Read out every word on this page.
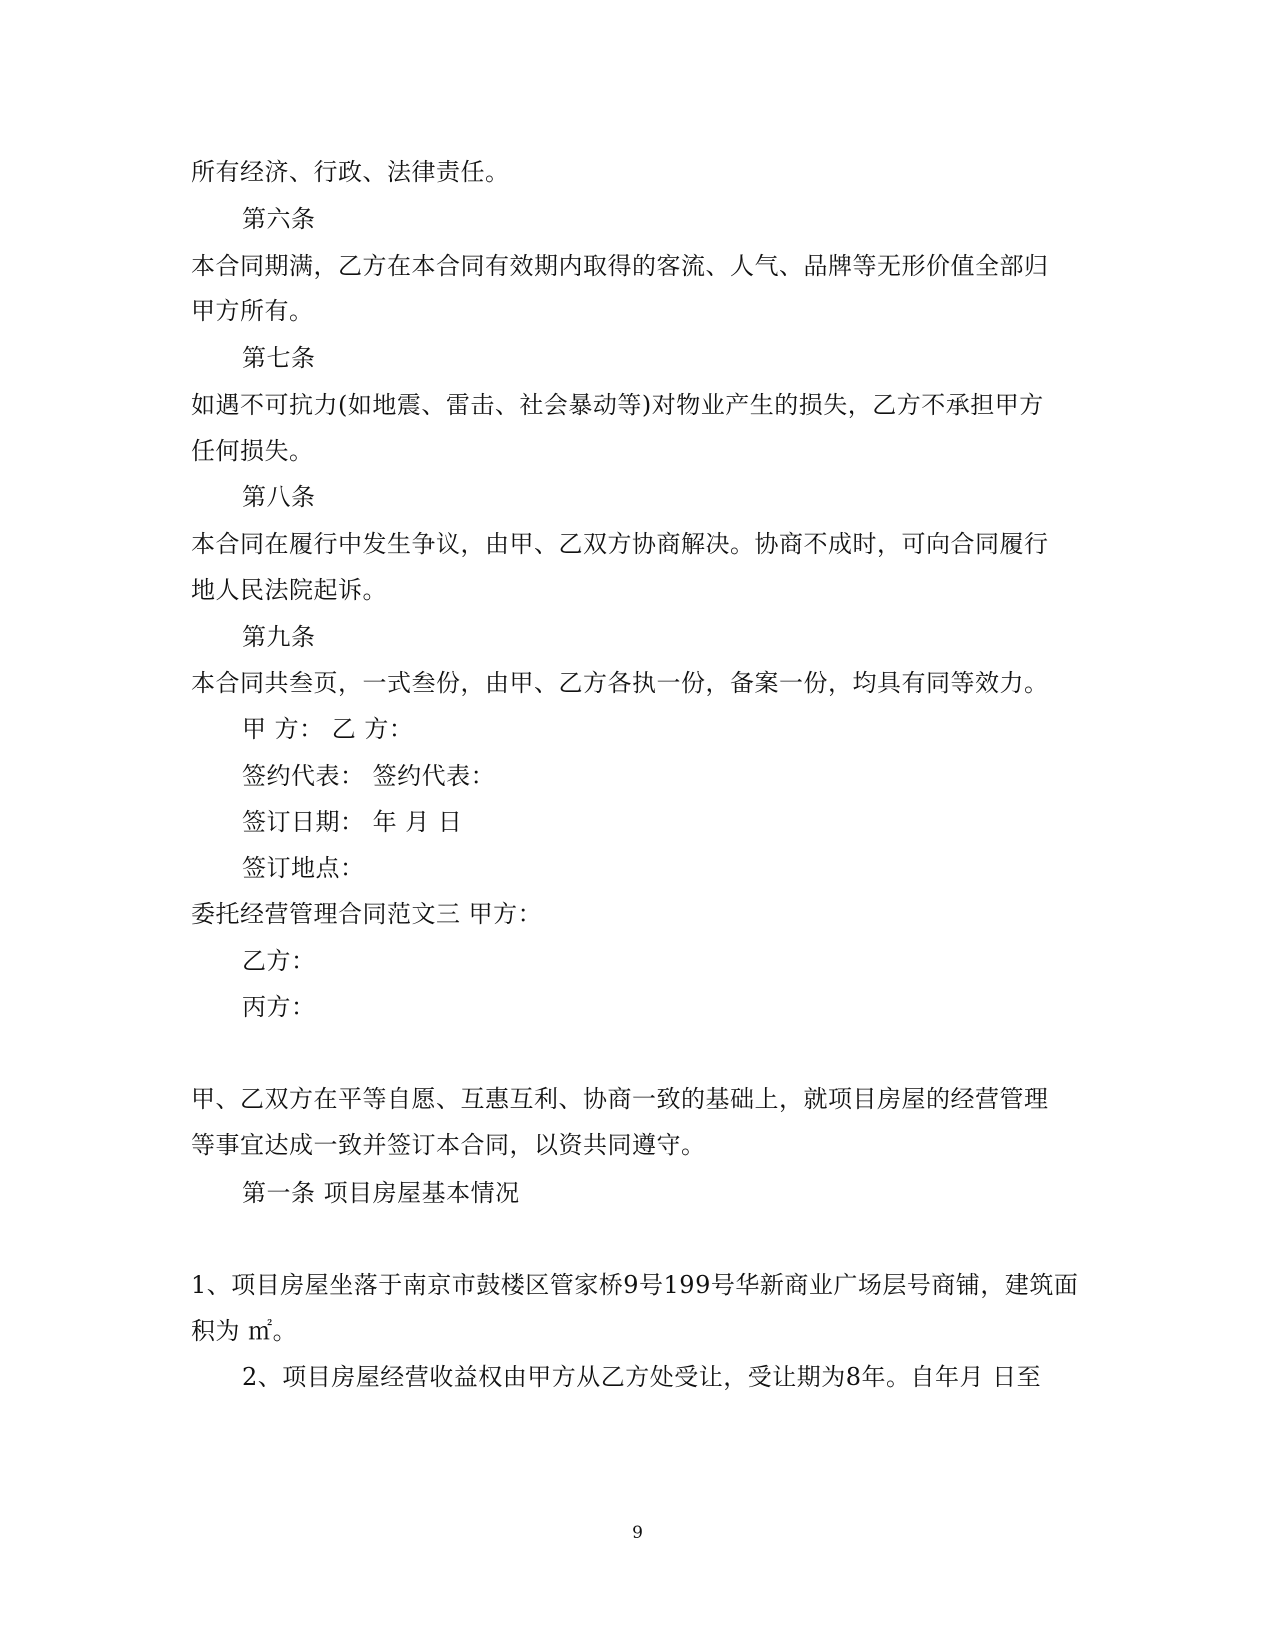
所有经济、行政、法律责任。
第六条
本合同期满，乙方在本合同有效期内取得的客流、人气、品牌等无形价值全部归
甲方所有。
第七条
如遇不可抗力(如地震、雷击、社会暴动等)对物业产生的损失，乙方不承担甲方
任何损失。
第八条
本合同在履行中发生争议，由甲、乙双方协商解决。协商不成时，可向合同履行
地人民法院起诉。
第九条
本合同共叁页，一式叁份，由甲、乙方各执一份，备案一份，均具有同等效力。
甲 方： 乙 方：
签约代表： 签约代表：
签订日期： 年 月 日
签订地点：
委托经营管理合同范文三 甲方：
乙方：
丙方：
甲、乙双方在平等自愿、互惠互利、协商一致的基础上，就项目房屋的经营管理
等事宜达成一致并签订本合同，以资共同遵守。
第一条 项目房屋基本情况
1、项目房屋坐落于南京市鼓楼区管家桥9号199号华新商业广场层号商铺，建筑面
积为 ㎡。
2、项目房屋经营收益权由甲方从乙方处受让，受让期为8年。自年月 日至
9
